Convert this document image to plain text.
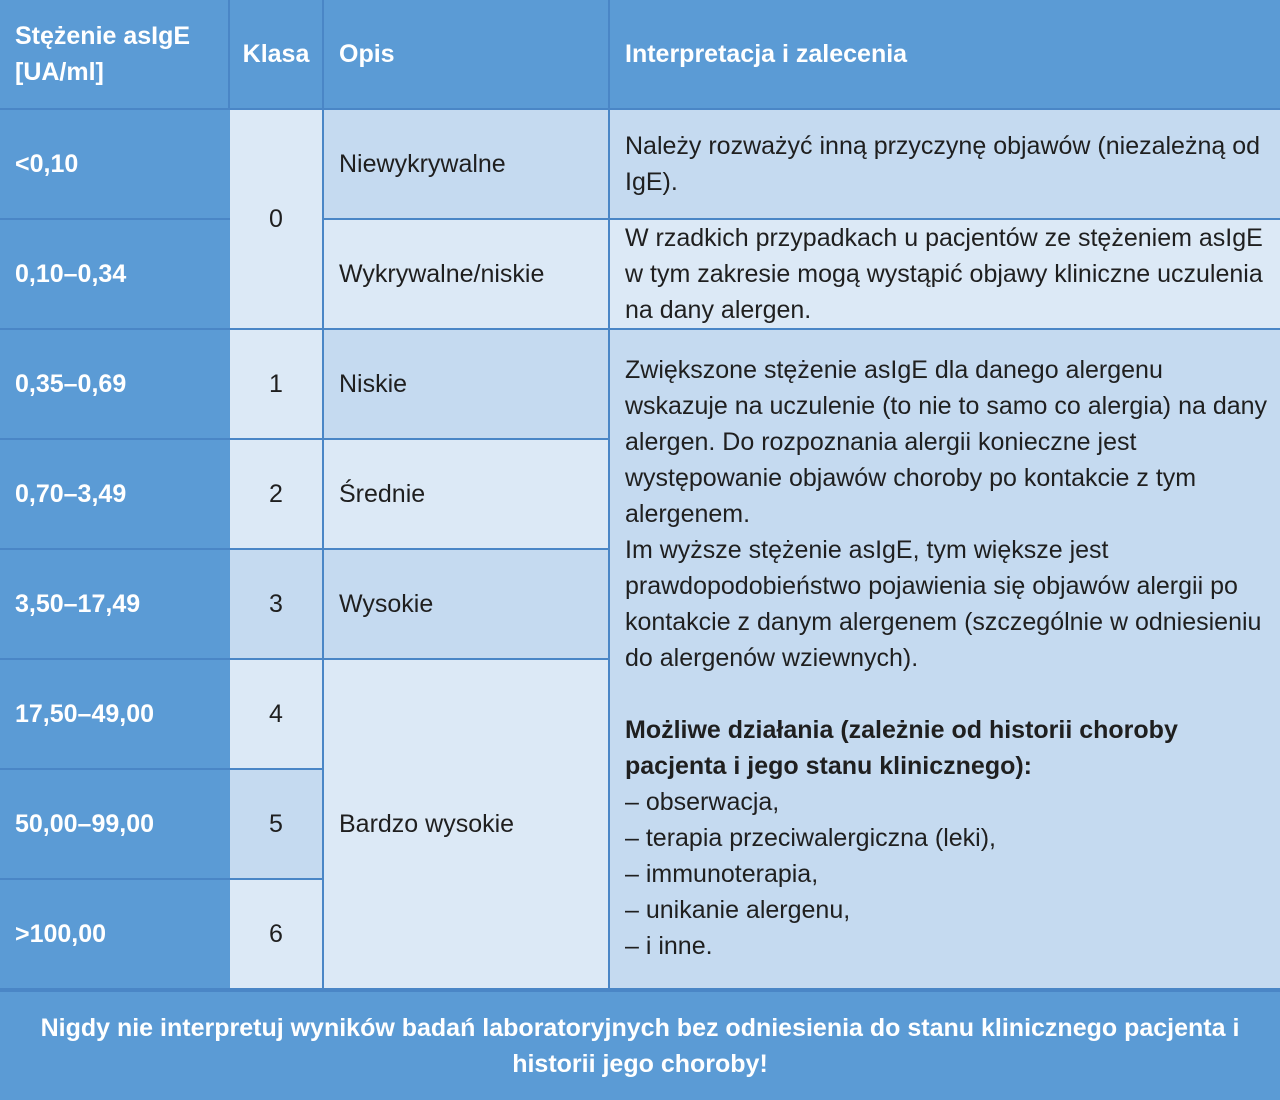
Stężenie asIgE
[UA/ml]
Klasa	Opis	Interpretacja i zalecenia
<0,10
0,10–0,34
0,35–0,69
0,70–3,49
3,50–17,49
17,50–49,00
50,00–99,00
>100,00
0
1
2
3
4
5
6
Niewykrywalne
Wykrywalne/niskie
Niskie
Średnie
Wysokie
Bardzo wysokie
Należy rozważyć inną przyczynę objawów (niezależną od IgE).
W rzadkich przypadkach u pacjentów ze stężeniem asIgE w tym zakresie mogą wystąpić objawy kliniczne uczulenia na dany alergen.

Zwiększone stężenie asIgE dla danego alergenu wskazuje na uczulenie (to nie to samo co alergia) na dany alergen. Do rozpoznania alergii konieczne jest występowanie objawów choroby po kontakcie z tym alergenem.

Im wyższe stężenie asIgE, tym większe jest prawdopodobieństwo pojawienia się objawów alergii po kontakcie z danym alergenem (szczególnie w odniesieniu do alergenów wziewnych).

Możliwe działania (zależnie od historii choroby pacjenta i jego stanu klinicznego):

– obserwacja,

– terapia przeciwalergiczna (leki),

– immunoterapia,

– unikanie alergenu,

– i inne.

Nigdy nie interpretuj wyników badań laboratoryjnych bez odniesienia do stanu klinicznego pacjenta i historii jego choroby!
